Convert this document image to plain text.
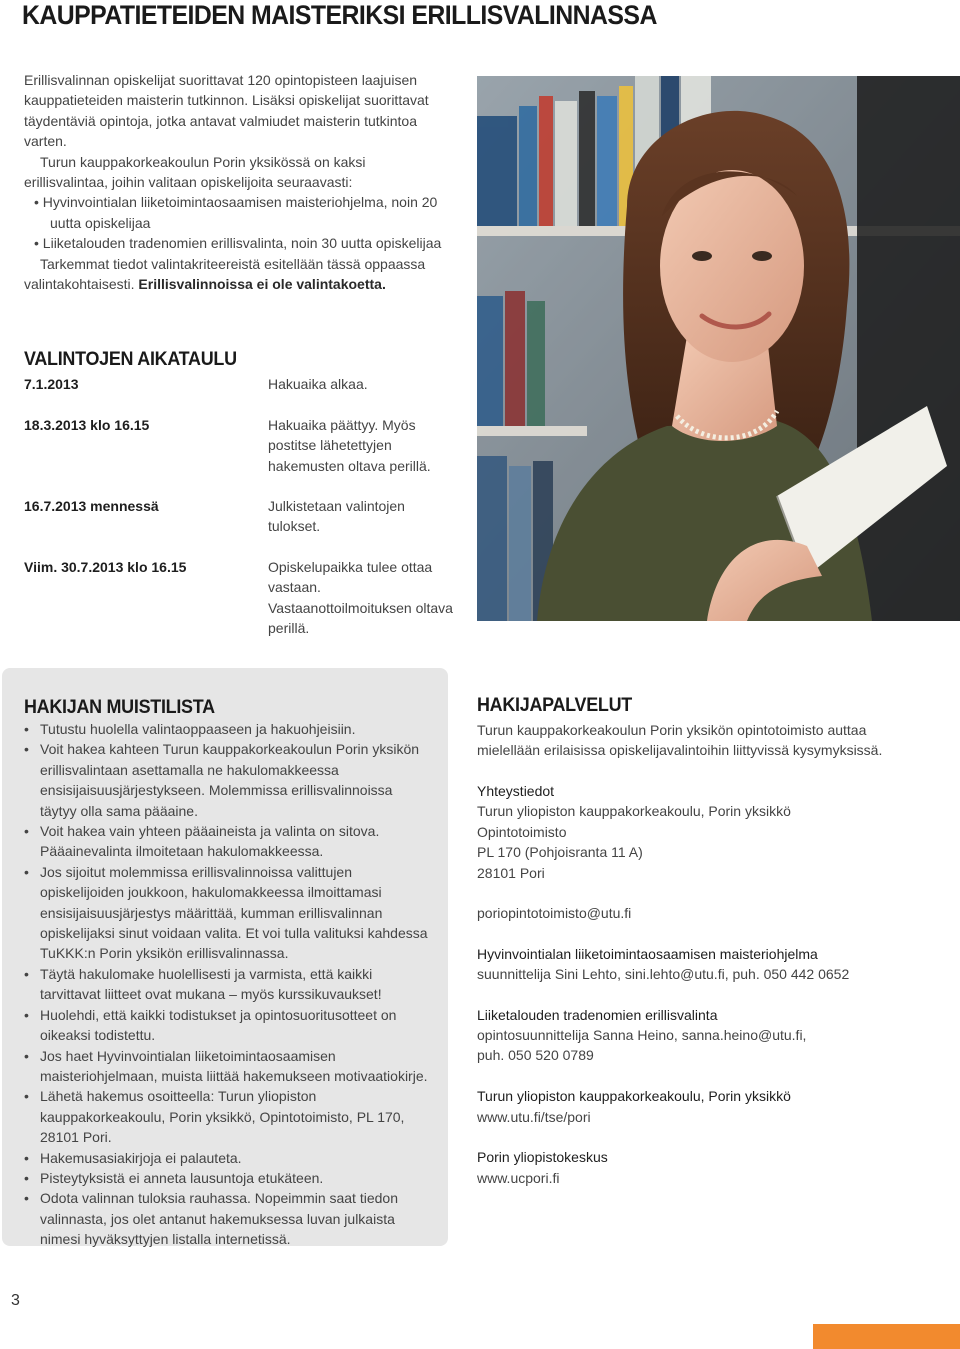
KAUPPATIETEIDEN MAISTERIKSI ERILLISVALINNASSA

Erillisvalinnan opiskelijat suorittavat 120 opintopisteen laajuisen kauppatieteiden maisterin tutkinnon. Lisäksi opiskelijat suorittavat täydentäviä opintoja, jotka antavat valmiudet maisterin tutkintoa varten.

Turun kauppakorkeakoulun Porin yksikössä on kaksi erillisvalintaa, joihin valitaan opiskelijoita seuraavasti:

• Hyvinvointialan liiketoimintaosaamisen maisteriohjelma, noin 20 uutta opiskelijaa
• Liiketalouden tradenomien erillisvalinta, noin 30 uutta opiskelijaa

Tarkemmat tiedot valintakriteereistä esitellään tässä oppaassa valintakohtaisesti. Erillisvalinnoissa ei ole valintakoetta.

VALINTOJEN AIKATAULU
7.1.2013	Hakuaika alkaa.
18.3.2013 klo 16.15	Hakuaika päättyy. Myös postitse lähetettyjen hakemusten oltava perillä.
16.7.2013 mennessä	Julkistetaan valintojen tulokset.
Viim. 30.7.2013 klo 16.15	Opiskelupaikka tulee ottaa vastaan. Vastaanottoilmoituksen oltava perillä.
HAKIJAN MUISTILISTA
• Tutustu huolella valintaoppaaseen ja hakuohjeisiin.
• Voit hakea kahteen Turun kauppakorkeakoulun Porin yksikön erillisvalintaan asettamalla ne hakulomakkeessa ensisijaisuusjärjestykseen. Molemmissa erillisvalinnoissa täytyy olla sama pääaine.
• Voit hakea vain yhteen pääaineista ja valinta on sitova. Pääainevalinta ilmoitetaan hakulomakkeessa.
• Jos sijoitut molemmissa erillisvalinnoissa valittujen opiskelijoiden joukkoon, hakulomakkeessa ilmoittamasi ensisijaisuusjärjestys määrittää, kumman erillisvalinnan opiskelijaksi sinut voidaan valita. Et voi tulla valituksi kahdessa TuKKK:n Porin yksikön erillisvalinnassa.
• Täytä hakulomake huolellisesti ja varmista, että kaikki tarvittavat liitteet ovat mukana – myös kurssikuvaukset!
• Huolehdi, että kaikki todistukset ja opintosuoritusotteet on oikeaksi todistettu.
• Jos haet Hyvinvointialan liiketoimintaosaamisen maisteriohjelmaan, muista liittää hakemukseen motivaatiokirje.
• Lähetä hakemus osoitteella: Turun yliopiston kauppakorkeakoulu, Porin yksikkö, Opintotoimisto, PL 170, 28101 Pori.
• Hakemusasiakirjoja ei palauteta.
• Pisteytyksistä ei anneta lausuntoja etukäteen.
• Odota valinnan tuloksia rauhassa. Nopeimmin saat tiedon valinnasta, jos olet antanut hakemuksessa luvan julkaista nimesi hyväksyttyjen listalla internetissä.
HAKIJAPALVELUT
Turun kauppakorkeakoulun Porin yksikön opintotoimisto auttaa mielellään erilaisissa opiskelijavalintoihin liittyvissä kysymyksissä.
Yhteystiedot
Turun yliopiston kauppakorkeakoulu, Porin yksikkö
Opintotoimisto
PL 170 (Pohjoisranta 11 A)
28101 Pori
poriopintotoimisto@utu.fi
Hyvinvointialan liiketoimintaosaamisen maisteriohjelma
suunnittelija Sini Lehto, sini.lehto@utu.fi, puh. 050 442 0652
Liiketalouden tradenomien erillisvalinta
opintosuunnittelija Sanna Heino, sanna.heino@utu.fi, puh. 050 520 0789
Turun yliopiston kauppakorkeakoulu, Porin yksikkö
www.utu.fi/tse/pori
Porin yliopistokeskus
www.ucpori.fi
3
